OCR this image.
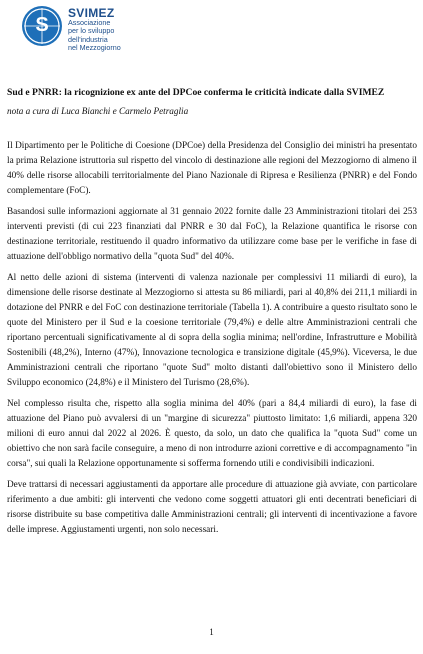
S
SVIMEZ
Associazione
per lo sviluppo
dell'industria
nel Mezzogiorno
Sud e PNRR: la ricognizione ex ante del DPCoe conferma le criticità indicate dalla SVIMEZ
nota a cura di Luca Bianchi e Carmelo Petraglia

Il Dipartimento per le Politiche di Coesione (DPCoe) della Presidenza del Consiglio dei ministri ha presentato la prima Relazione istruttoria sul rispetto del vincolo di destinazione alle regioni del Mezzogiorno di almeno il 40% delle risorse allocabili territorialmente del Piano Nazionale di Ripresa e Resilienza (PNRR) e del Fondo complementare (FoC).

Basandosi sulle informazioni aggiornate al 31 gennaio 2022 fornite dalle 23 Amministrazioni titolari dei 253 interventi previsti (di cui 223 finanziati dal PNRR e 30 dal FoC), la Relazione quantifica le risorse con destinazione territoriale, restituendo il quadro informativo da utilizzare come base per le verifiche in fase di attuazione dell'obbligo normativo della "quota Sud" del 40%.

Al netto delle azioni di sistema (interventi di valenza nazionale per complessivi 11 miliardi di euro), la dimensione delle risorse destinate al Mezzogiorno si attesta su 86 miliardi, pari al 40,8% dei 211,1 miliardi in dotazione del PNRR e del FoC con destinazione territoriale (Tabella 1). A contribuire a questo risultato sono le quote del Ministero per il Sud e la coesione territoriale (79,4%) e delle altre Amministrazioni centrali che riportano percentuali significativamente al di sopra della soglia minima; nell'ordine, Infrastrutture e Mobilità Sostenibili (48,2%), Interno (47%), Innovazione tecnologica e transizione digitale (45,9%). Viceversa, le due Amministrazioni centrali che riportano "quote Sud" molto distanti dall'obiettivo sono il Ministero dello Sviluppo economico (24,8%) e il Ministero del Turismo (28,6%).

Nel complesso risulta che, rispetto alla soglia minima del 40% (pari a 84,4 miliardi di euro), la fase di attuazione del Piano può avvalersi di un "margine di sicurezza" piuttosto limitato: 1,6 miliardi, appena 320 milioni di euro annui dal 2022 al 2026. È questo, da solo, un dato che qualifica la "quota Sud" come un obiettivo che non sarà facile conseguire, a meno di non introdurre azioni correttive e di accompagnamento "in corsa", sui quali la Relazione opportunamente si sofferma fornendo utili e condivisibili indicazioni.

Deve trattarsi di necessari aggiustamenti da apportare alle procedure di attuazione già avviate, con particolare riferimento a due ambiti: gli interventi che vedono come soggetti attuatori gli enti decentrati beneficiari di risorse distribuite su base competitiva dalle Amministrazioni centrali; gli interventi di incentivazione a favore delle imprese. Aggiustamenti urgenti, non solo necessari.

1
